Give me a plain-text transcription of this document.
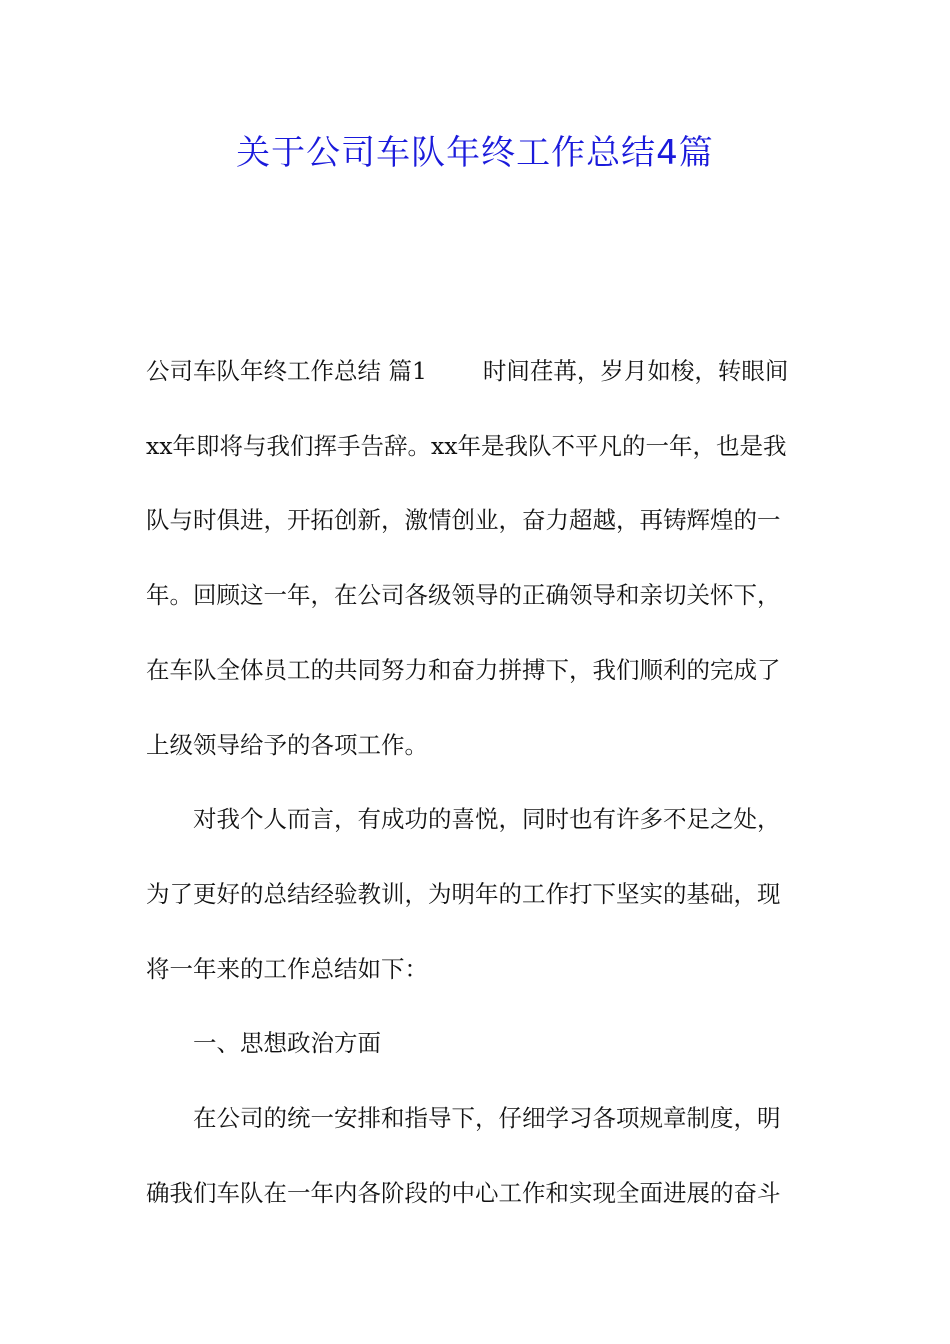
关于公司车队年终工作总结4篇

公司车队年终工作总结 篇1 时间荏苒，岁月如梭，转眼间

xx年即将与我们挥手告辞。xx年是我队不平凡的一年，也是我

队与时俱进，开拓创新，激情创业，奋力超越，再铸辉煌的一

年。回顾这一年，在公司各级领导的正确领导和亲切关怀下，

在车队全体员工的共同努力和奋力拼搏下，我们顺利的完成了

上级领导给予的各项工作。

对我个人而言，有成功的喜悦，同时也有许多不足之处，

为了更好的总结经验教训，为明年的工作打下坚实的基础，现

将一年来的工作总结如下：

一、思想政治方面

在公司的统一安排和指导下，仔细学习各项规章制度，明

确我们车队在一年内各阶段的中心工作和实现全面进展的奋斗
